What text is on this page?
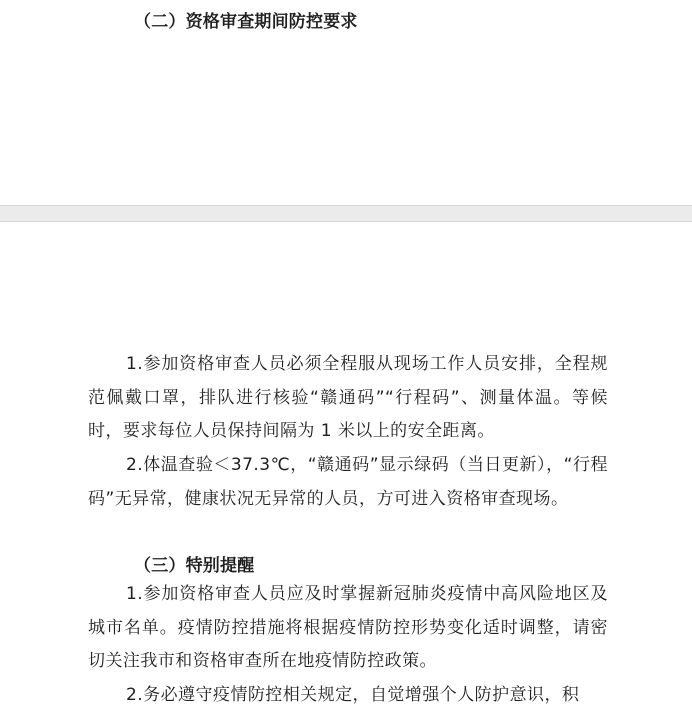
（二）资格审查期间防控要求
1.参加资格审查人员必须全程服从现场工作人员安排，全程规范佩戴口罩，排队进行核验“赣通码”“行程码”、测量体温。等候时，要求每位人员保持间隔为 1 米以上的安全距离。
2.体温查验＜37.3℃，“赣通码”显示绿码（当日更新），“行程码”无异常，健康状况无异常的人员，方可进入资格审查现场。
（三）特别提醒
1.参加资格审查人员应及时掌握新冠肺炎疫情中高风险地区及城市名单。疫情防控措施将根据疫情防控形势变化适时调整，请密切关注我市和资格审查所在地疫情防控政策。
2.务必遵守疫情防控相关规定，自觉增强个人防护意识，积
